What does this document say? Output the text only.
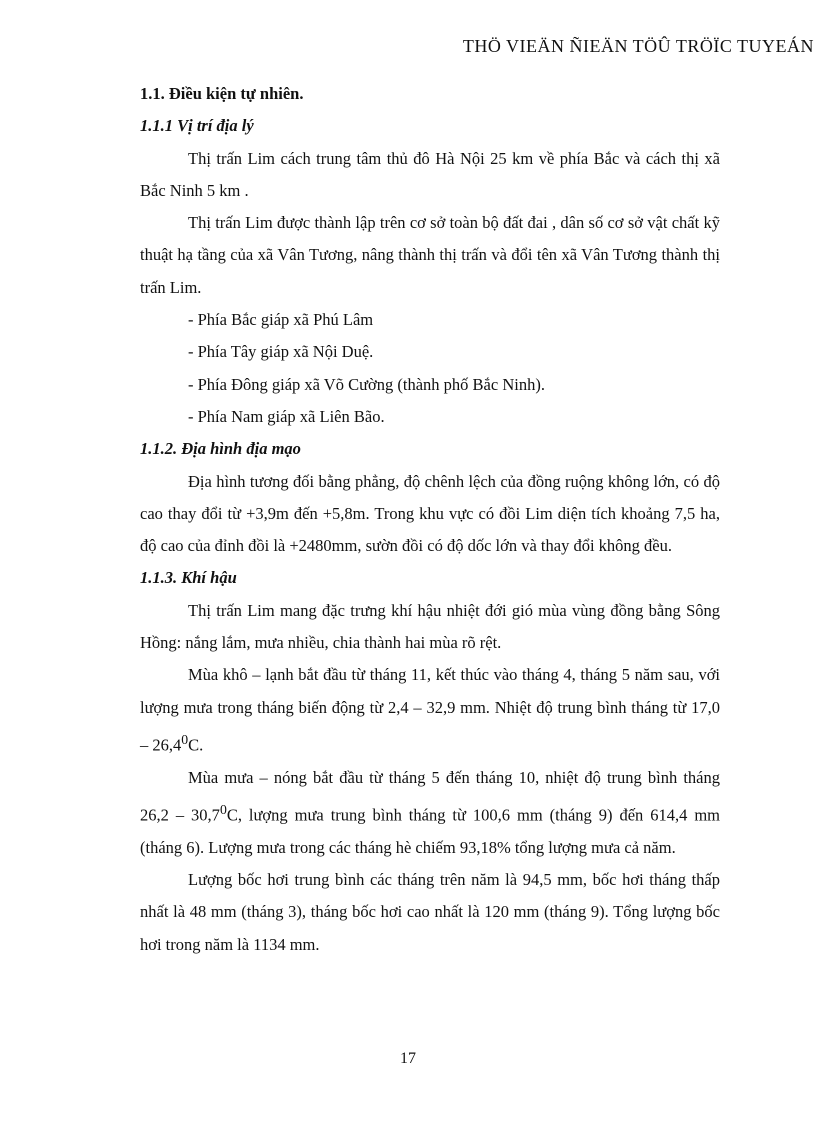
THÖ VIEÄN ÑIEÄN TÖÛ TRÖÏC TUYEÁN

1.1. Điều kiện tự nhiên.

1.1.1 Vị trí địa lý

Thị trấn Lim cách trung tâm thủ đô Hà Nội 25 km về phía Bắc và cách thị xã Bắc Ninh 5 km .

Thị trấn Lim được thành lập trên cơ sở toàn bộ đất đai , dân số cơ sở vật chất kỹ thuật hạ tầng của xã Vân Tương, nâng thành thị trấn và đổi tên xã Vân Tương thành thị trấn Lim.

- Phía Bắc giáp xã Phú Lâm

- Phía Tây giáp xã Nội Duệ.

- Phía Đông giáp xã Võ Cường (thành phố Bắc Ninh).

- Phía Nam giáp xã Liên Bão.

1.1.2. Địa hình địa mạo

Địa hình tương đối bằng phẳng, độ chênh lệch của đồng ruộng không lớn, có độ cao thay đổi từ +3,9m đến +5,8m. Trong khu vực có đồi Lim diện tích khoảng 7,5 ha, độ cao của đỉnh đồi là +2480mm, sườn đồi có độ dốc lớn và thay đổi không đều.

1.1.3. Khí hậu

Thị trấn Lim mang đặc trưng khí hậu nhiệt đới gió mùa vùng đồng bằng Sông Hồng: nắng lắm, mưa nhiều, chia thành hai mùa rõ rệt.

Mùa khô – lạnh bắt đầu từ tháng 11, kết thúc vào tháng 4, tháng 5 năm sau, với lượng mưa trong tháng biến động từ 2,4 – 32,9 mm. Nhiệt độ trung bình tháng từ 17,0 – 26,4$^0$C.

Mùa mưa – nóng bắt đầu từ tháng 5 đến tháng 10, nhiệt độ trung bình tháng 26,2 – 30,7$^0$C, lượng mưa trung bình tháng từ 100,6 mm (tháng 9) đến 614,4 mm (tháng 6). Lượng mưa trong các tháng hè chiếm 93,18% tổng lượng mưa cả năm.

Lượng bốc hơi trung bình các tháng trên năm là 94,5 mm, bốc hơi tháng thấp nhất là 48 mm (tháng 3), tháng bốc hơi cao nhất là 120 mm (tháng 9). Tổng lượng bốc hơi trong năm là 1134 mm.

17
